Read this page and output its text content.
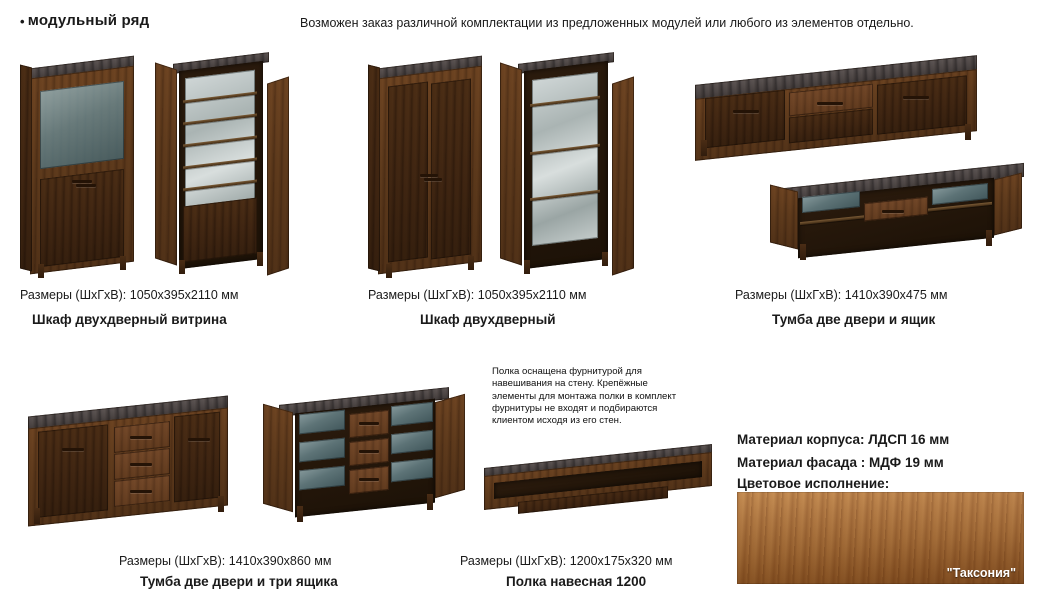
• модульный ряд	Возможен заказ различной комплектации из предложенных модулей или любого из элементов отдельно.
Размеры (ШхГхВ): 1050х395х2110 мм
Шкаф двухдверный витрина
Размеры (ШхГхВ): 1050х395х2110 мм
Шкаф двухдверный
Размеры (ШхГхВ): 1410х390х475 мм
Тумба две двери и ящик
Размеры (ШхГхВ): 1410х390х860 мм
Тумба две двери и три ящика
Полка оснащена фурнитурой для навешивания на стену. Крепёжные элементы для монтажа полки в комплект фурнитуры не входят и подбираются клиентом исходя из его стен.
Размеры (ШхГхВ): 1200х175х320 мм
Полка навесная 1200
Материал корпуса: ЛДСП 16 мм
Материал фасада : МДФ 19 мм
Цветовое исполнение:
"Таксония"
